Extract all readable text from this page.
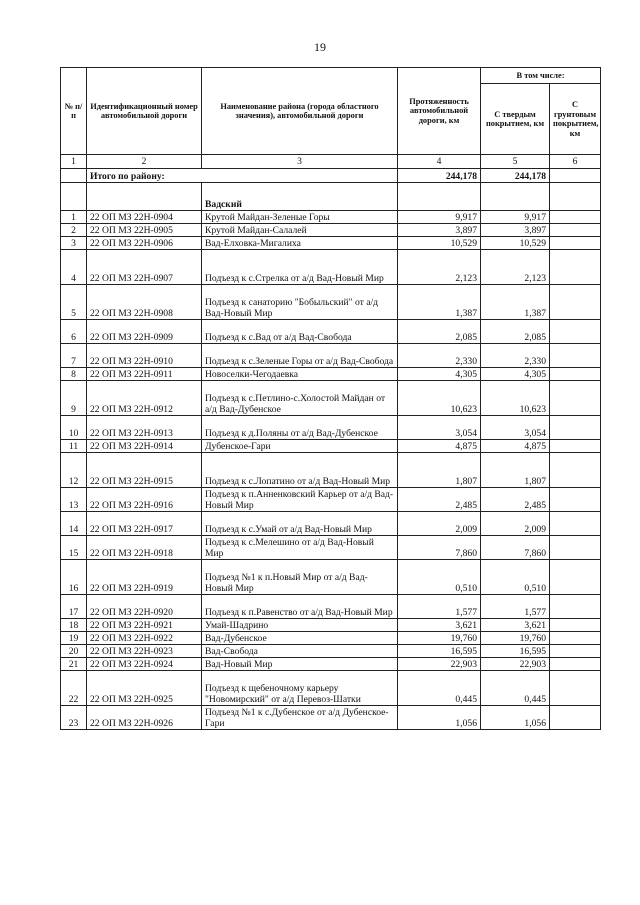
19
№ п/п	Идентификационный номер автомобильной дороги	Наименование района (города областного значения), автомобильной дороги	Протяженность автомобильной дороги, км	В том числе:	
				С твердым покрытием, км	С грунтовым покрытием, км
1	2	3	4	5	6
	Итого по району:		244,178	244,178	
		Вадский			
1	22 ОП МЗ 22Н-0904	Крутой Майдан-Зеленые Горы	9,917	9,917	
2	22 ОП МЗ 22Н-0905	Крутой Майдан-Салалей	3,897	3,897	
3	22 ОП МЗ 22Н-0906	Вад-Елховка-Мигалиха	10,529	10,529	
4	22 ОП МЗ 22Н-0907	Подъезд к с.Стрелка от а/д Вад-Новый Мир	2,123	2,123	
5	22 ОП МЗ 22Н-0908	Подъезд к санаторию "Бобыльский" от а/д Вад-Новый Мир	1,387	1,387	
6	22 ОП МЗ 22Н-0909	Подъезд к с.Вад от а/д Вад-Свобода	2,085	2,085	
7	22 ОП МЗ 22Н-0910	Подъезд к с.Зеленые Горы от а/д Вад-Свобода	2,330	2,330	
8	22 ОП МЗ 22Н-0911	Новоселки-Чегодаевка	4,305	4,305	
9	22 ОП МЗ 22Н-0912	Подъезд к с.Петлино-с.Холостой Майдан от а/д Вад-Дубенское	10,623	10,623	
10	22 ОП МЗ 22Н-0913	Подъезд к д.Поляны от а/д Вад-Дубенское	3,054	3,054	
11	22 ОП МЗ 22Н-0914	Дубенское-Гари	4,875	4,875	
12	22 ОП МЗ 22Н-0915	Подъезд к с.Лопатино от а/д Вад-Новый Мир	1,807	1,807	
13	22 ОП МЗ 22Н-0916	Подъезд к п.Анненковский Карьер от а/д Вад-Новый Мир	2,485	2,485	
14	22 ОП МЗ 22Н-0917	Подъезд к с.Умай от а/д Вад-Новый Мир	2,009	2,009	
15	22 ОП МЗ 22Н-0918	Подъезд к с.Мелешино от а/д Вад-Новый Мир	7,860	7,860	
16	22 ОП МЗ 22Н-0919	Подъезд №1 к п.Новый Мир от а/д Вад-Новый Мир	0,510	0,510	
17	22 ОП МЗ 22Н-0920	Подъезд к п.Равенство от а/д Вад-Новый Мир	1,577	1,577	
18	22 ОП МЗ 22Н-0921	Умай-Шадрино	3,621	3,621	
19	22 ОП МЗ 22Н-0922	Вад-Дубенское	19,760	19,760	
20	22 ОП МЗ 22Н-0923	Вад-Свобода	16,595	16,595	
21	22 ОП МЗ 22Н-0924	Вад-Новый Мир	22,903	22,903	
22	22 ОП МЗ 22Н-0925	Подъезд к щебеночному карьеру "Новомирский" от а/д Перевоз-Шатки	0,445	0,445	
23	22 ОП МЗ 22Н-0926	Подъезд №1 к с.Дубенское от а/д Дубенское-Гари	1,056	1,056	
